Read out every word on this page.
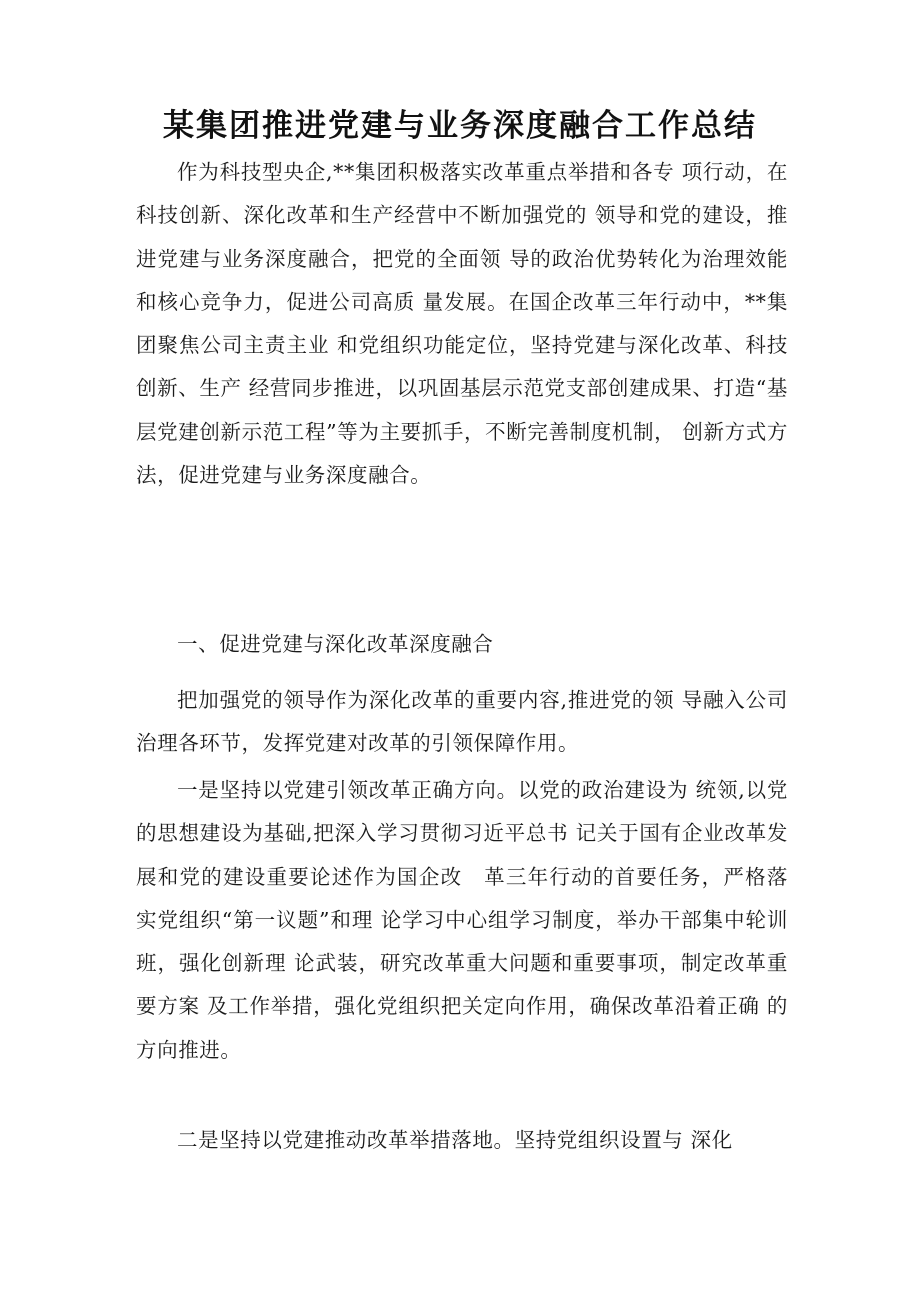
某集团推进党建与业务深度融合工作总结

作为科技型央企,**集团积极落实改革重点举措和各专 项行动，在科技创新、深化改革和生产经营中不断加强党的 领导和党的建设，推进党建与业务深度融合，把党的全面领 导的政治优势转化为治理效能和核心竞争力，促进公司高质 量发展。在国企改革三年行动中，**集团聚焦公司主责主业 和党组织功能定位，坚持党建与深化改革、科技创新、生产 经营同步推进，以巩固基层示范党支部创建成果、打造“基 层党建创新示范工程”等为主要抓手，不断完善制度机制， 创新方式方法，促进党建与业务深度融合。

一、促进党建与深化改革深度融合

把加强党的领导作为深化改革的重要内容,推进党的领 导融入公司治理各环节，发挥党建对改革的引领保障作用。

一是坚持以党建引领改革正确方向。以党的政治建设为 统领,以党的思想建设为基础,把深入学习贯彻习近平总书 记关于国有企业改革发展和党的建设重要论述作为国企改　革三年行动的首要任务，严格落实党组织“第一议题”和理 论学习中心组学习制度，举办干部集中轮训班，强化创新理 论武装，研究改革重大问题和重要事项，制定改革重要方案 及工作举措，强化党组织把关定向作用，确保改革沿着正确 的方向推进。

二是坚持以党建推动改革举措落地。坚持党组织设置与 深化
